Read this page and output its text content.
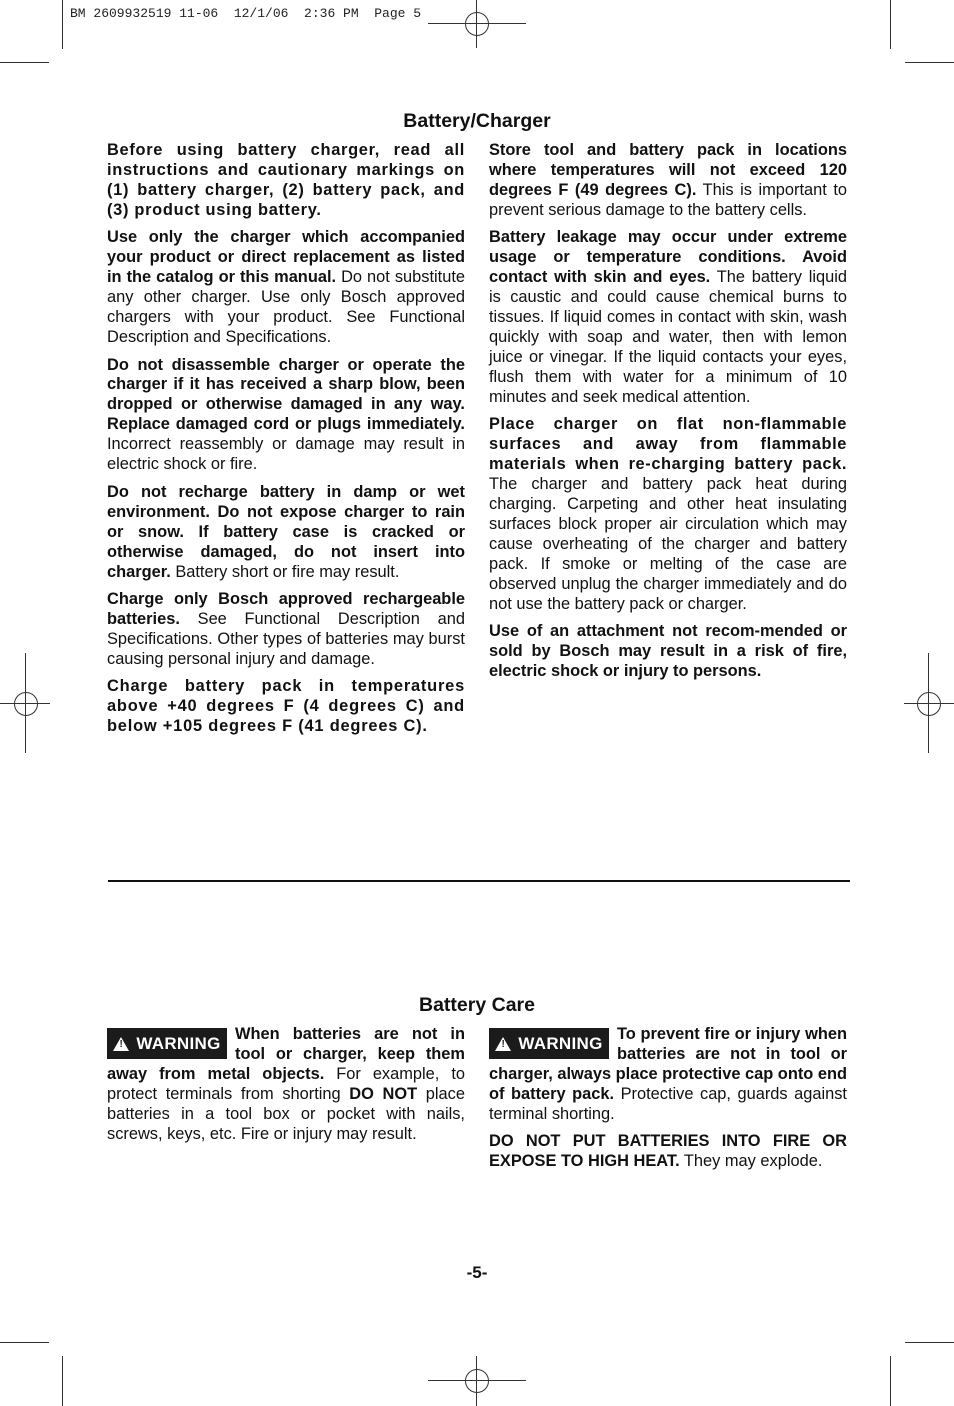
BM 2609932519 11-06  12/1/06  2:36 PM  Page 5
Battery/Charger

Before using battery charger, read all instructions and cautionary markings on (1) battery charger, (2) battery pack, and (3) product using battery.

Use only the charger which accompanied your product or direct replacement as listed in the catalog or this manual. Do not substitute any other charger. Use only Bosch approved chargers with your product. See Functional Description and Specifications.

Do not disassemble charger or operate the charger if it has received a sharp blow, been dropped or otherwise damaged in any way. Replace damaged cord or plugs immediately. Incorrect reassembly or damage may result in electric shock or fire.

Do not recharge battery in damp or wet environment. Do not expose charger to rain or snow. If battery case is cracked or otherwise damaged, do not insert into charger. Battery short or fire may result.

Charge only Bosch approved rechargeable batteries. See Functional Description and Specifications. Other types of batteries may burst causing personal injury and damage.

Charge battery pack in temperatures above +40 degrees F (4 degrees C) and below +105 degrees F (41 degrees C).

Store tool and battery pack in locations where temperatures will not exceed 120 degrees F (49 degrees C). This is important to prevent serious damage to the battery cells.

Battery leakage may occur under extreme usage or temperature conditions. Avoid contact with skin and eyes. The battery liquid is caustic and could cause chemical burns to tissues. If liquid comes in contact with skin, wash quickly with soap and water, then with lemon juice or vinegar. If the liquid contacts your eyes, flush them with water for a minimum of 10 minutes and seek medical attention.

Place charger on flat non-flammable surfaces and away from flammable materials when re-charging battery pack. The charger and battery pack heat during charging. Carpeting and other heat insulating surfaces block proper air circulation which may cause overheating of the charger and battery pack. If smoke or melting of the case are observed unplug the charger immediately and do not use the battery pack or charger.

Use of an attachment not recom-mended or sold by Bosch may result in a risk of fire, electric shock or injury to persons.

Battery Care

! WARNING When batteries are not in tool or charger, keep them away from metal objects. For example, to protect terminals from shorting DO NOT place batteries in a tool box or pocket with nails, screws, keys, etc. Fire or injury may result.

! WARNING To prevent fire or injury when batteries are not in tool or charger, always place protective cap onto end of battery pack. Protective cap, guards against terminal shorting.

DO NOT PUT BATTERIES INTO FIRE OR EXPOSE TO HIGH HEAT. They may explode.

-5-
